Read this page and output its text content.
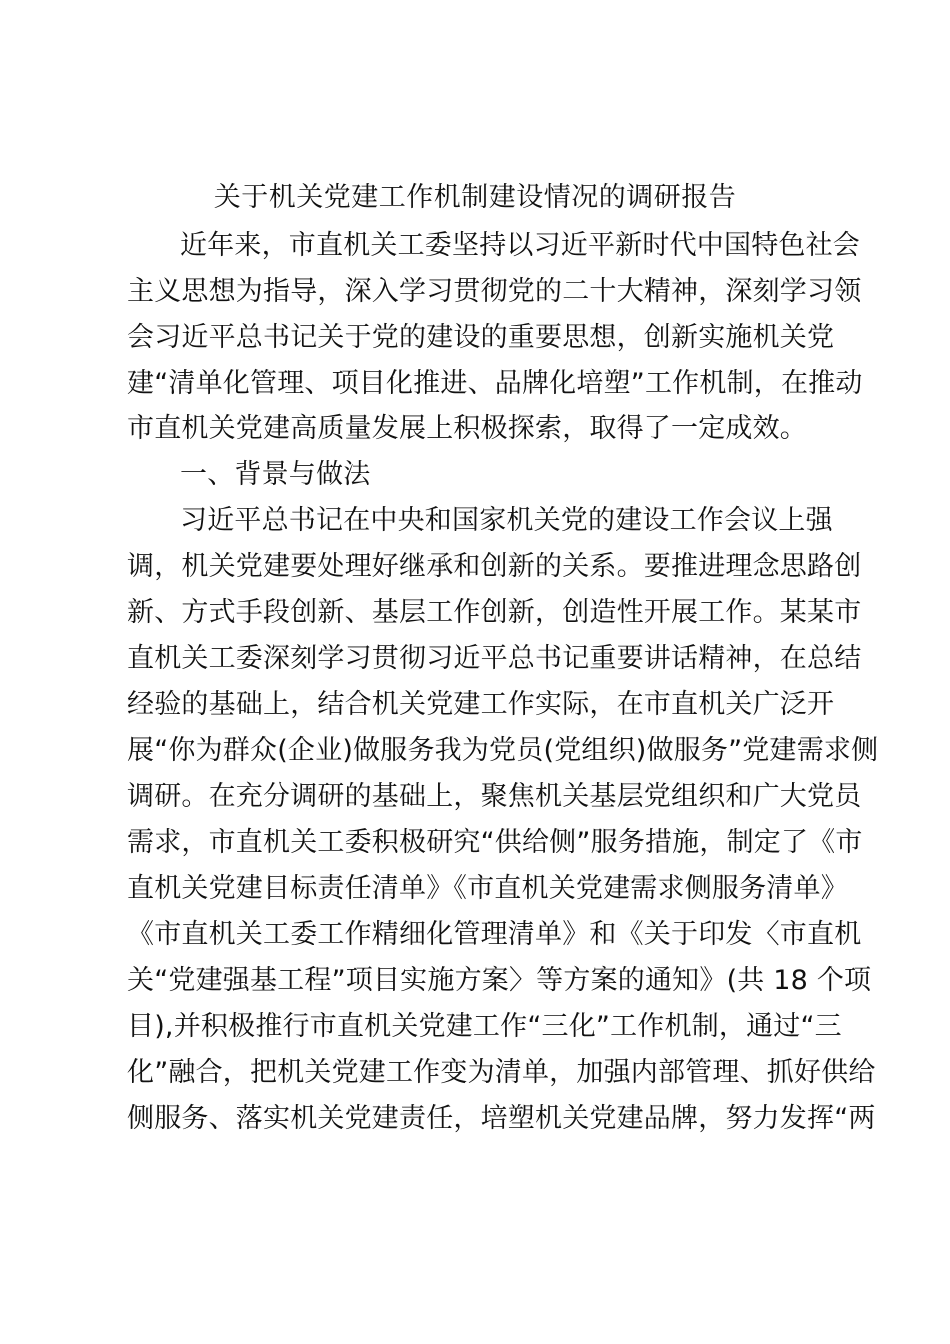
关于机关党建工作机制建设情况的调研报告
近年来，市直机关工委坚持以习近平新时代中国特色社会
主义思想为指导，深入学习贯彻党的二十大精神，深刻学习领
会习近平总书记关于党的建设的重要思想，创新实施机关党
建“清单化管理、项目化推进、品牌化培塑”工作机制，在推动
市直机关党建高质量发展上积极探索，取得了一定成效。
一、背景与做法
习近平总书记在中央和国家机关党的建设工作会议上强
调，机关党建要处理好继承和创新的关系。要推进理念思路创
新、方式手段创新、基层工作创新，创造性开展工作。某某市
直机关工委深刻学习贯彻习近平总书记重要讲话精神，在总结
经验的基础上，结合机关党建工作实际，在市直机关广泛开
展“你为群众(企业)做服务我为党员(党组织)做服务”党建需求侧
调研。在充分调研的基础上，聚焦机关基层党组织和广大党员
需求，市直机关工委积极研究“供给侧”服务措施，制定了《市
直机关党建目标责任清单》《市直机关党建需求侧服务清单》
《市直机关工委工作精细化管理清单》和《关于印发〈市直机
关“党建强基工程”项目实施方案〉等方案的通知》(共 18 个项
目),并积极推行市直机关党建工作“三化”工作机制，通过“三
化”融合，把机关党建工作变为清单，加强内部管理、抓好供给
侧服务、落实机关党建责任，培塑机关党建品牌，努力发挥“两
